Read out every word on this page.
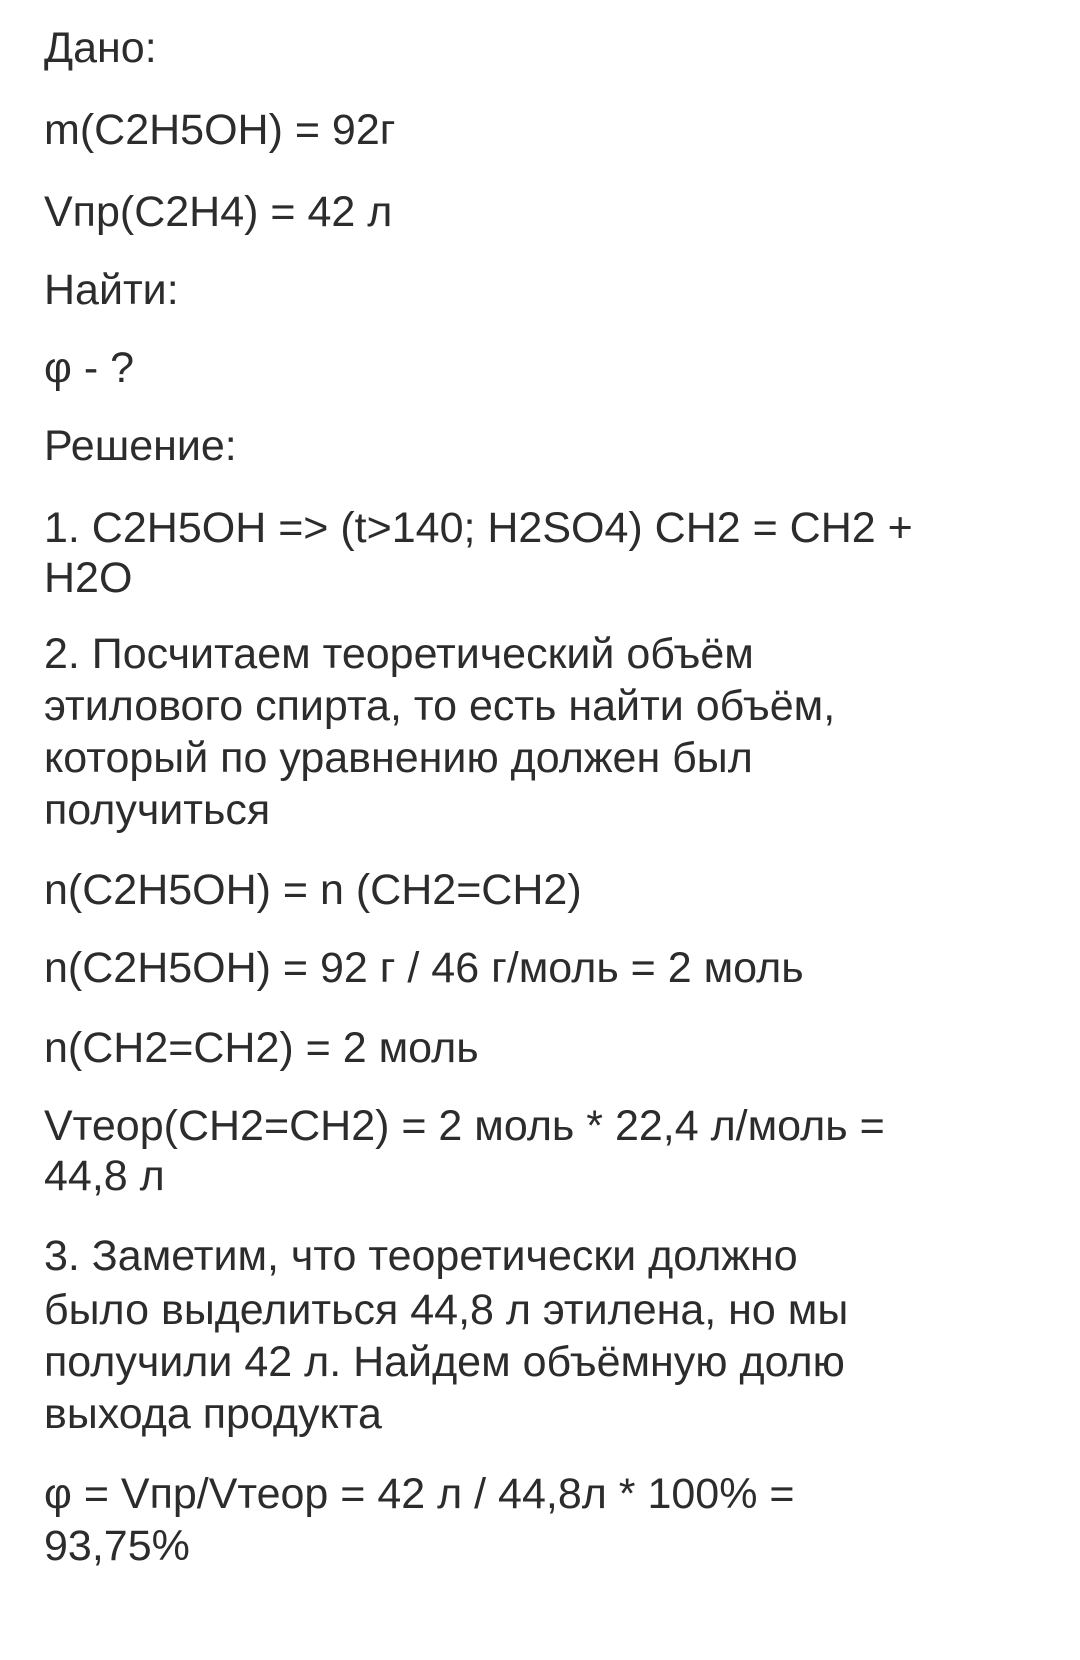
Дано:

m(C2H5OH) = 92г

Vпр(C2H4) = 42 л

Найти:

φ - ?

Решение:

1. C2H5OH => (t>140; H2SO4) CH2 = CH2 +

H2O

2. Посчитаем теоретический объём

этилового спирта, то есть найти объём,

который по уравнению должен был

получиться

n(C2H5OH) = n (CH2=CH2)

n(C2H5OH) = 92 г / 46 г/моль = 2 моль

n(CH2=CH2) = 2 моль

Vтеор(CH2=CH2) = 2 моль * 22,4 л/моль =

44,8 л

3. Заметим, что теоретически должно

было выделиться 44,8 л этилена, но мы

получили 42 л. Найдем объёмную долю

выхода продукта

φ = Vпр/Vтеор = 42 л / 44,8л * 100% =

93,75%
